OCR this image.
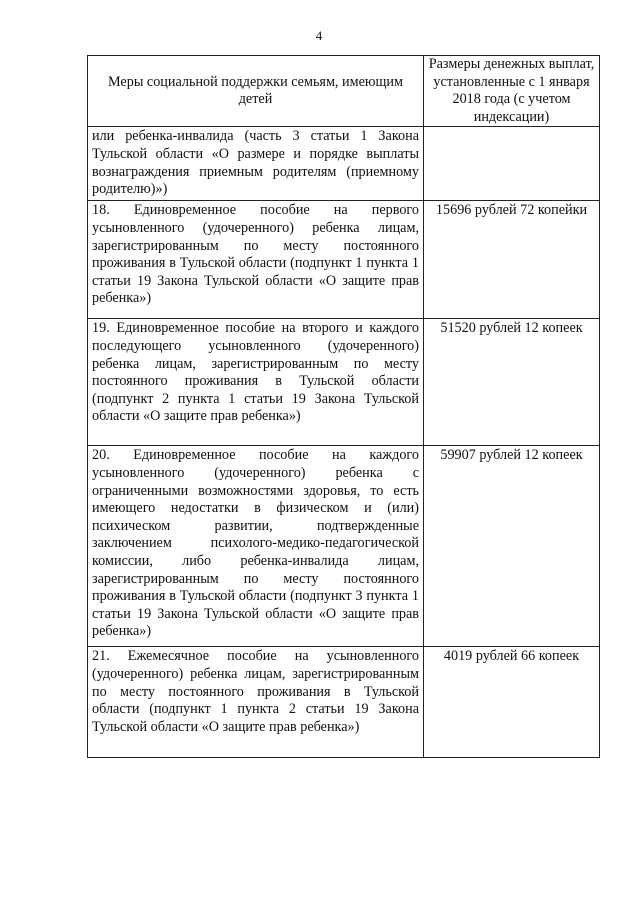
4
Меры социальной поддержки семьям, имеющим детей	Размеры денежных выплат, установленные с 1 января 2018 года (с учетом индексации)
или ребенка-инвалида (часть 3 статьи 1 Закона Тульской области «О размере и порядке выплаты вознаграждения приемным родителям (приемному родителю)»)	
18. Единовременное пособие на первого усыновленного (удочеренного) ребенка лицам, зарегистрированным по месту постоянного проживания в Тульской области (подпункт 1 пункта 1 статьи 19 Закона Тульской области «О защите прав ребенка»)	15696 рублей 72 копейки
19. Единовременное пособие на второго и каждого последующего усыновленного (удочеренного) ребенка лицам, зарегистрированным по месту постоянного проживания в Тульской области (подпункт 2 пункта 1 статьи 19 Закона Тульской области «О защите прав ребенка»)	51520 рублей 12 копеек
20. Единовременное пособие на каждого усыновленного (удочеренного) ребенка с ограниченными возможностями здоровья, то есть имеющего недостатки в физическом и (или) психическом развитии, подтвержденные заключением психолого-медико-педагогической комиссии, либо ребенка-инвалида лицам, зарегистрированным по месту постоянного проживания в Тульской области (подпункт 3 пункта 1 статьи 19 Закона Тульской области «О защите прав ребенка»)	59907 рублей 12 копеек
21. Ежемесячное пособие на усыновленного (удочеренного) ребенка лицам, зарегистрированным по месту постоянного проживания в Тульской области (подпункт 1 пункта 2 статьи 19 Закона Тульской области «О защите прав ребенка»)	4019 рублей 66 копеек
